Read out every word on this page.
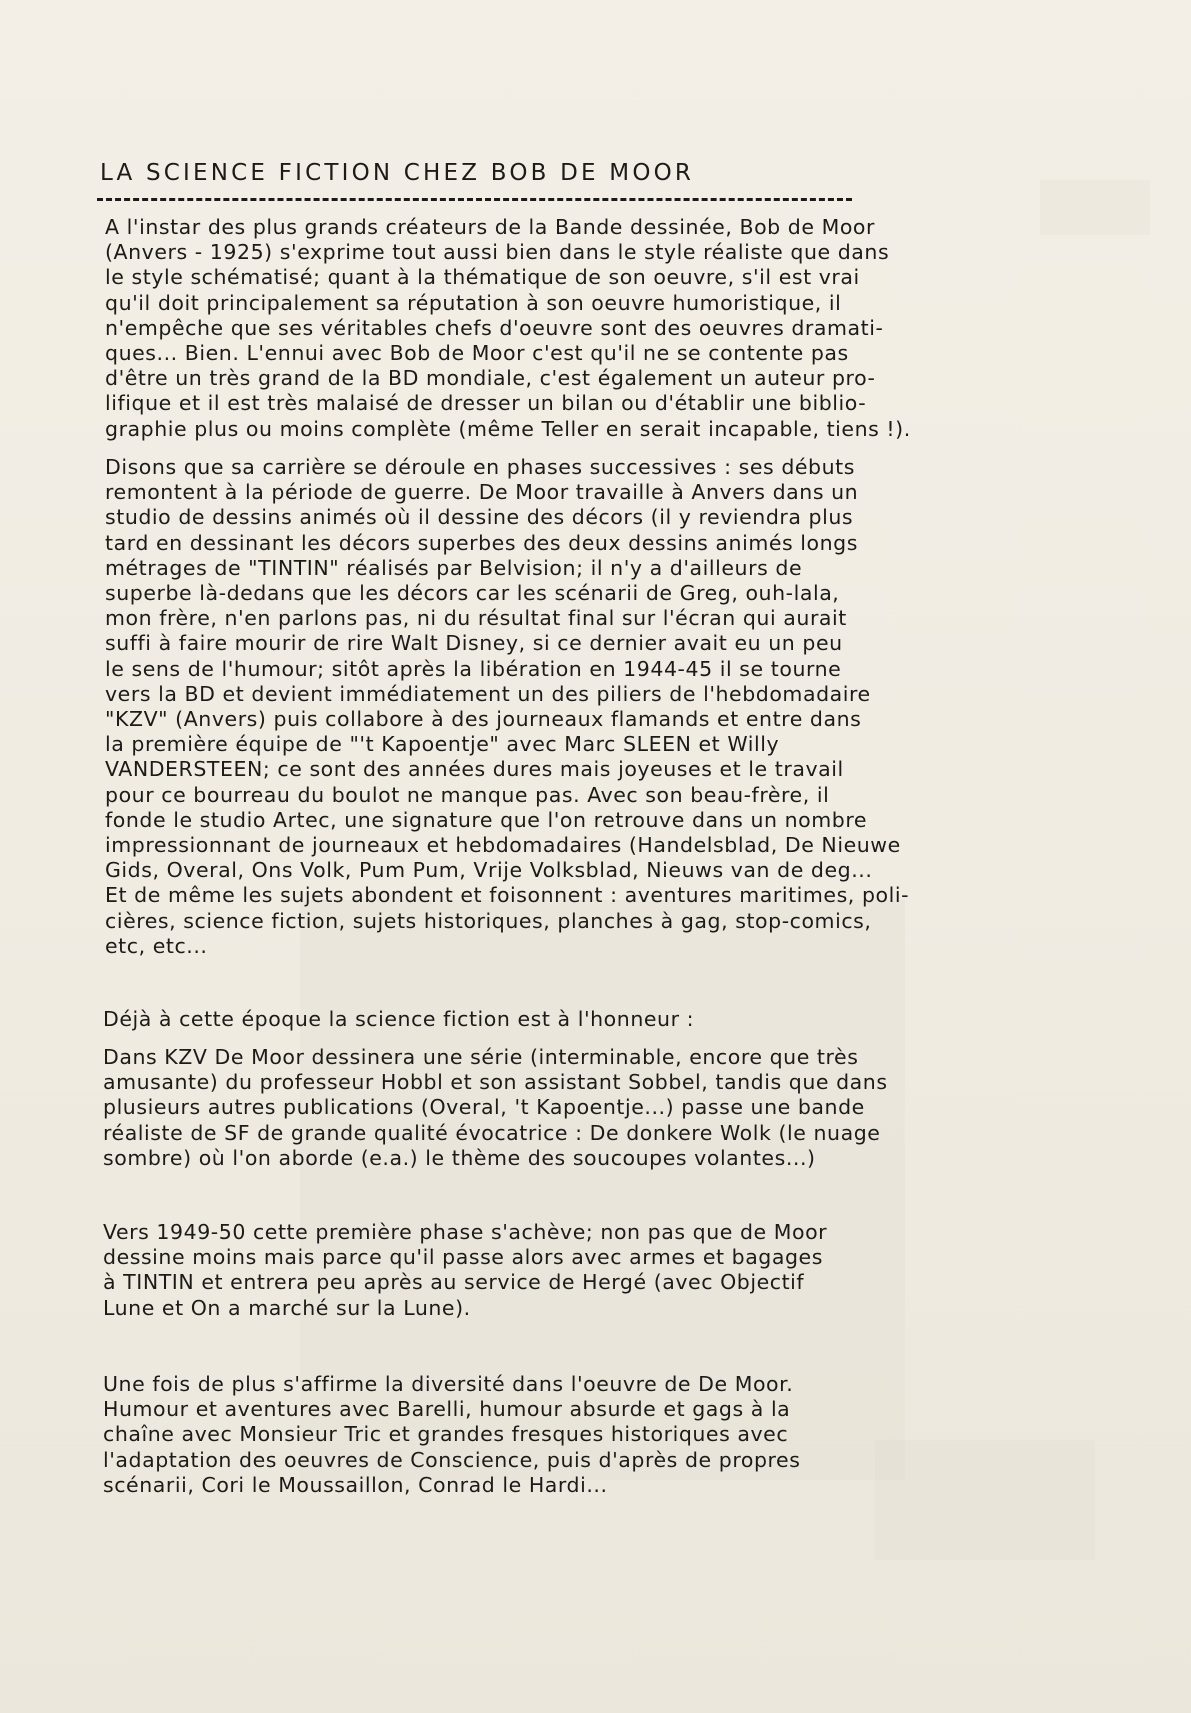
LA SCIENCE FICTION CHEZ BOB DE MOOR
A l'instar des plus grands créateurs de la Bande dessinée, Bob de Moor
(Anvers - 1925) s'exprime tout aussi bien dans le style réaliste que dans
le style schématisé; quant à la thématique de son oeuvre, s'il est vrai
qu'il doit principalement sa réputation à son oeuvre humoristique, il
n'empêche que ses véritables chefs d'oeuvre sont des oeuvres dramati-
ques... Bien. L'ennui avec Bob de Moor c'est qu'il ne se contente pas
d'être un très grand de la BD mondiale, c'est également un auteur pro-
lifique et il est très malaisé de dresser un bilan ou d'établir une biblio-
graphie plus ou moins complète (même Teller en serait incapable, tiens !).
Disons que sa carrière se déroule en phases successives : ses débuts
remontent à la période de guerre. De Moor travaille à Anvers dans un
studio de dessins animés où il dessine des décors (il y reviendra plus
tard en dessinant les décors superbes des deux dessins animés longs
métrages de "TINTIN" réalisés par Belvision; il n'y a d'ailleurs de
superbe là-dedans que les décors car les scénarii de Greg, ouh-lala,
mon frère, n'en parlons pas, ni du résultat final sur l'écran qui aurait
suffi à faire mourir de rire Walt Disney, si ce dernier avait eu un peu
le sens de l'humour; sitôt après la libération en 1944-45 il se tourne
vers la BD et devient immédiatement un des piliers de l'hebdomadaire
"KZV" (Anvers) puis collabore à des journeaux flamands et entre dans
la première équipe de "'t Kapoentje" avec Marc SLEEN et Willy
VANDERSTEEN; ce sont des années dures mais joyeuses et le travail
pour ce bourreau du boulot ne manque pas. Avec son beau-frère, il
fonde le studio Artec, une signature que l'on retrouve dans un nombre
impressionnant de journeaux et hebdomadaires (Handelsblad, De Nieuwe
Gids, Overal, Ons Volk, Pum Pum, Vrije Volksblad, Nieuws van de deg...
Et de même les sujets abondent et foisonnent : aventures maritimes, poli-
cières, science fiction, sujets historiques, planches à gag, stop-comics,
etc, etc...
Déjà à cette époque la science fiction est à l'honneur :
Dans KZV De Moor dessinera une série (interminable, encore que très
amusante) du professeur Hobbl et son assistant Sobbel, tandis que dans
plusieurs autres publications (Overal, 't Kapoentje...) passe une bande
réaliste de SF de grande qualité évocatrice : De donkere Wolk (le nuage
sombre) où l'on aborde (e.a.) le thème des soucoupes volantes...)
Vers 1949-50 cette première phase s'achève; non pas que de Moor
dessine moins mais parce qu'il passe alors avec armes et bagages
à TINTIN et entrera peu après au service de Hergé (avec Objectif
Lune et On a marché sur la Lune).
Une fois de plus s'affirme la diversité dans l'oeuvre de De Moor.
Humour et aventures avec Barelli, humour absurde et gags à la
chaîne avec Monsieur Tric et grandes fresques historiques avec
l'adaptation des oeuvres de Conscience, puis d'après de propres
scénarii, Cori le Moussaillon, Conrad le Hardi...
